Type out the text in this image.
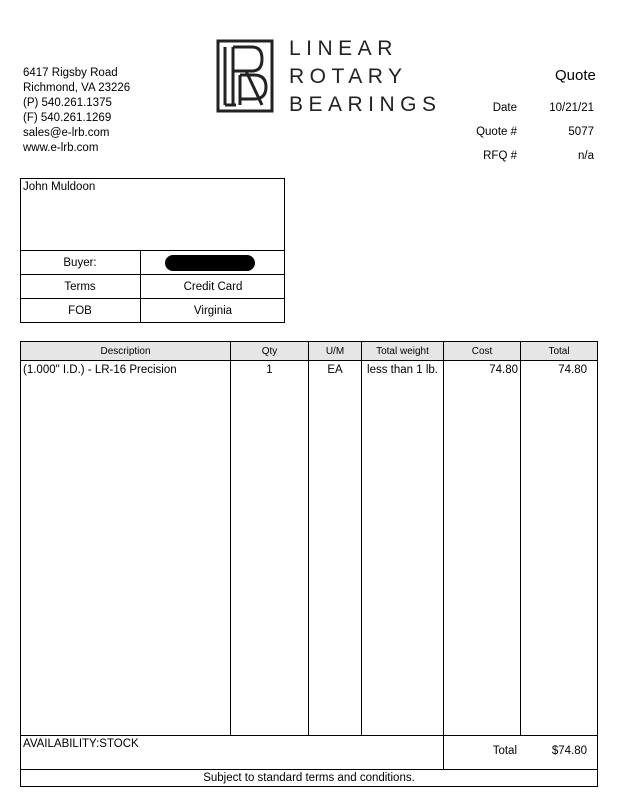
6417 Rigsby Road
Richmond, VA 23226
(P) 540.261.1375
(F) 540.261.1269
sales@e-lrb.com
www.e-lrb.com
LINEAR
ROTARY
BEARINGS
Quote
Date	10/21/21
Quote #	5077
RFQ #	n/a
John Muldoon
Buyer:
Terms	Credit Card
FOB	Virginia
Description	Qty	U/M	Total weight	Cost	Total
(1.000" I.D.) - LR-16 Precision	1	EA	less than 1 lb.	74.80	74.80
AVAILABILITY:STOCK
Total	$74.80
Subject to standard terms and conditions.
